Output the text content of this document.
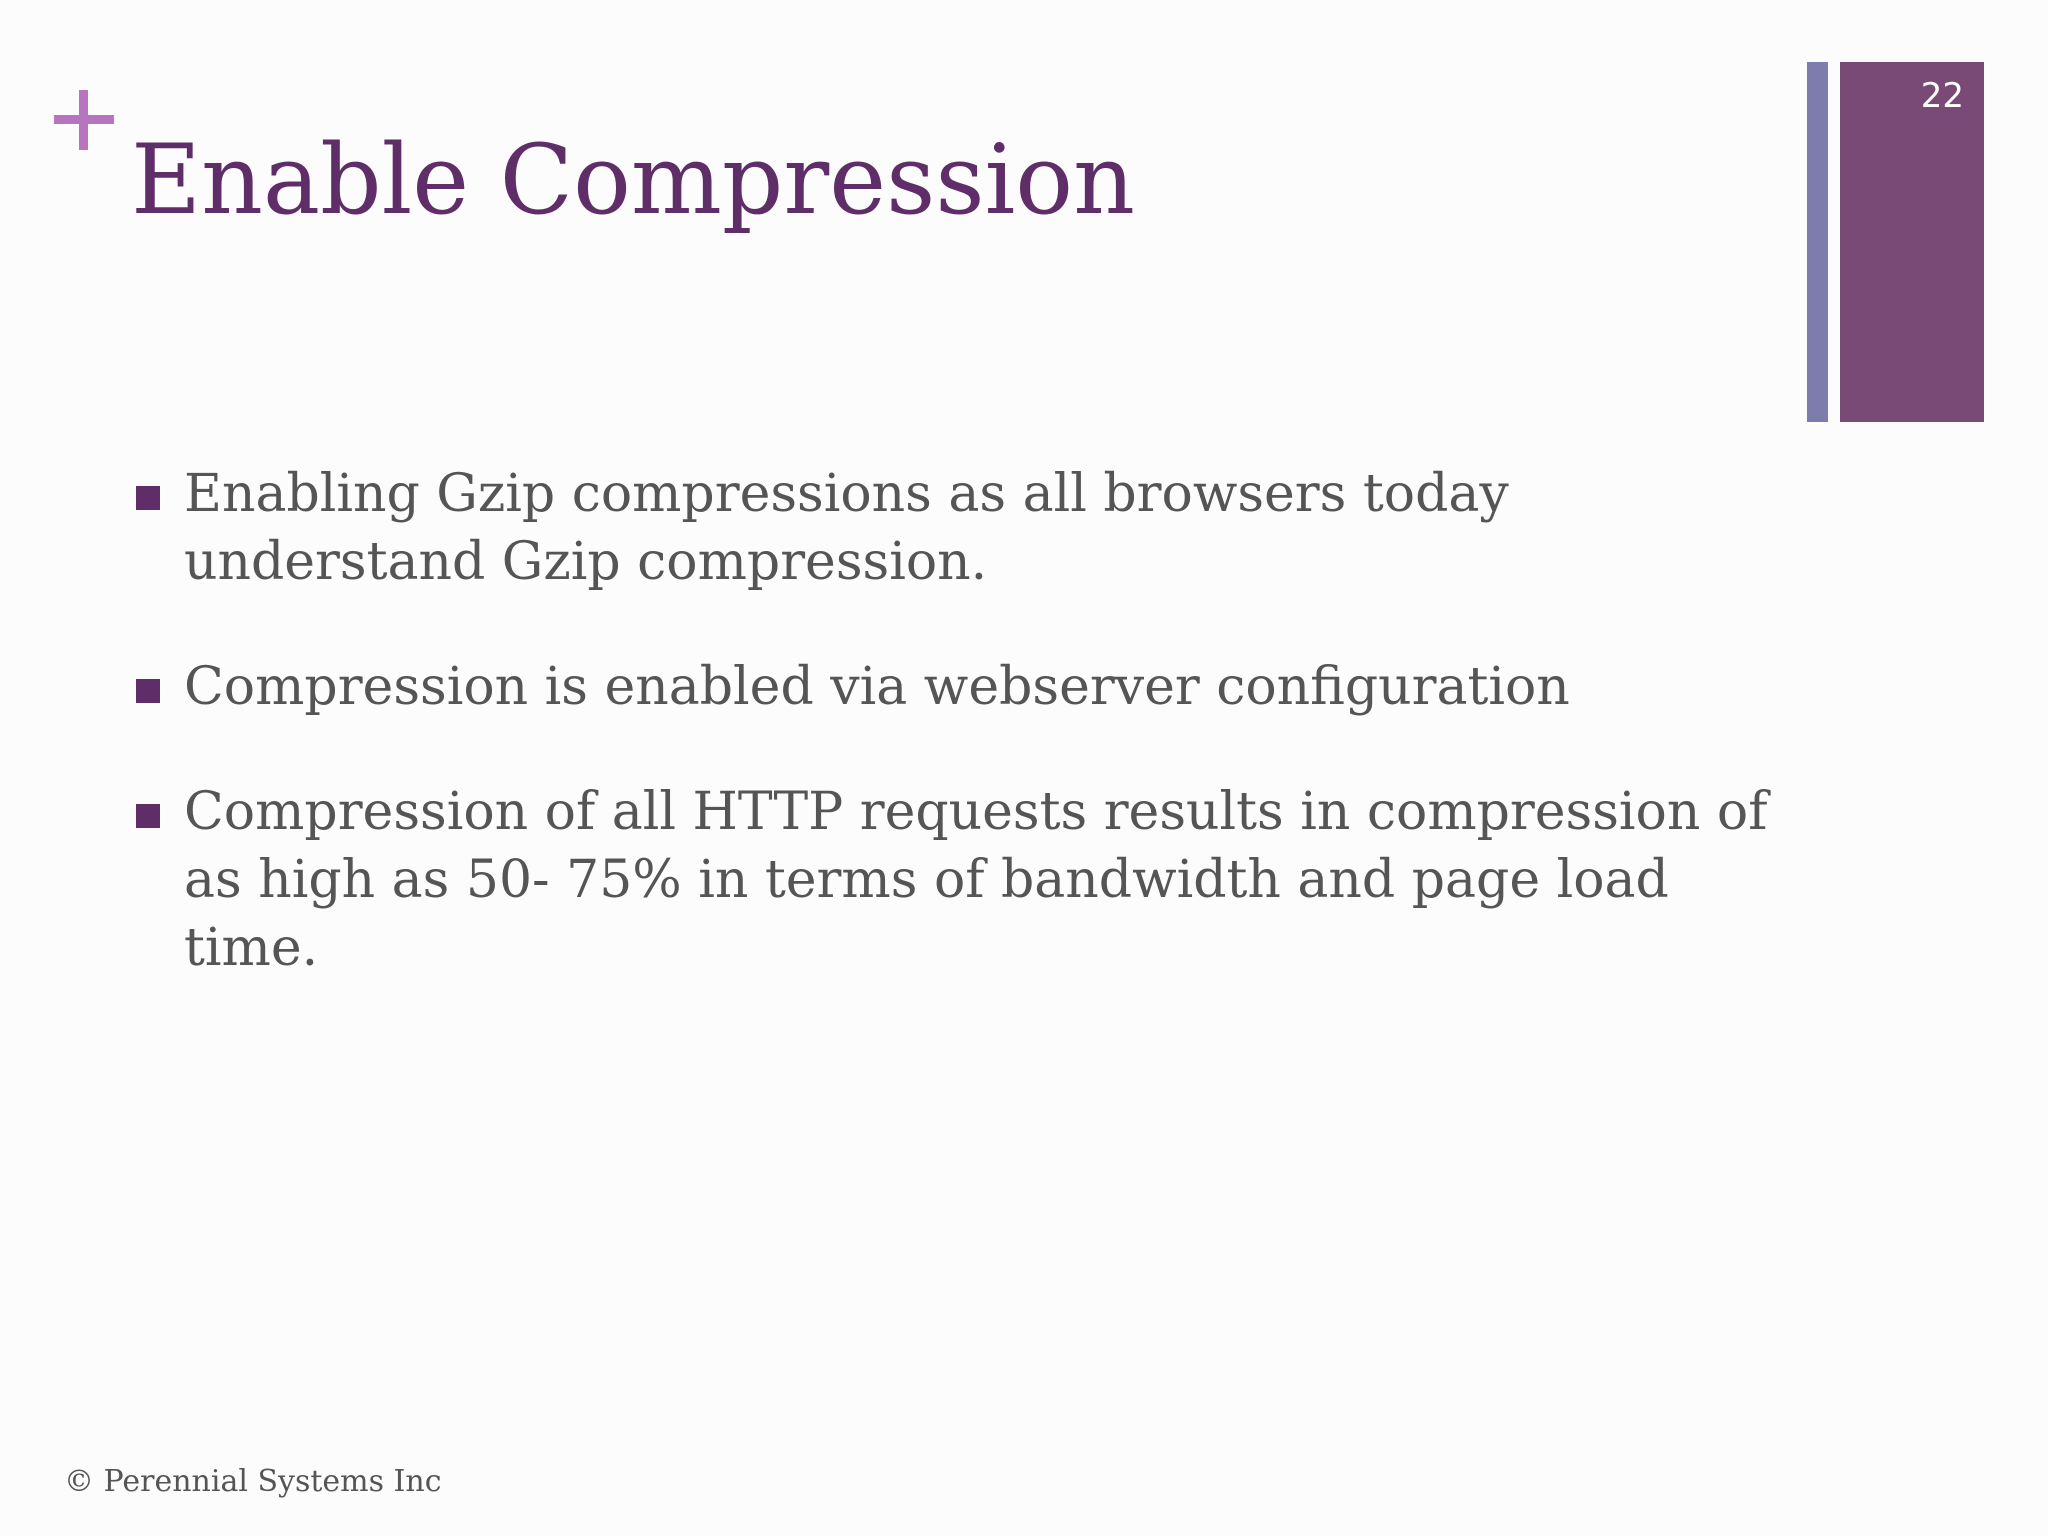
Enable Compression
22
Enabling Gzip compressions as all browsers today understand Gzip compression.
Compression is enabled via webserver configuration
Compression of all HTTP requests results in compression of as high as 50- 75% in terms of bandwidth and page load time.
© Perennial Systems Inc
